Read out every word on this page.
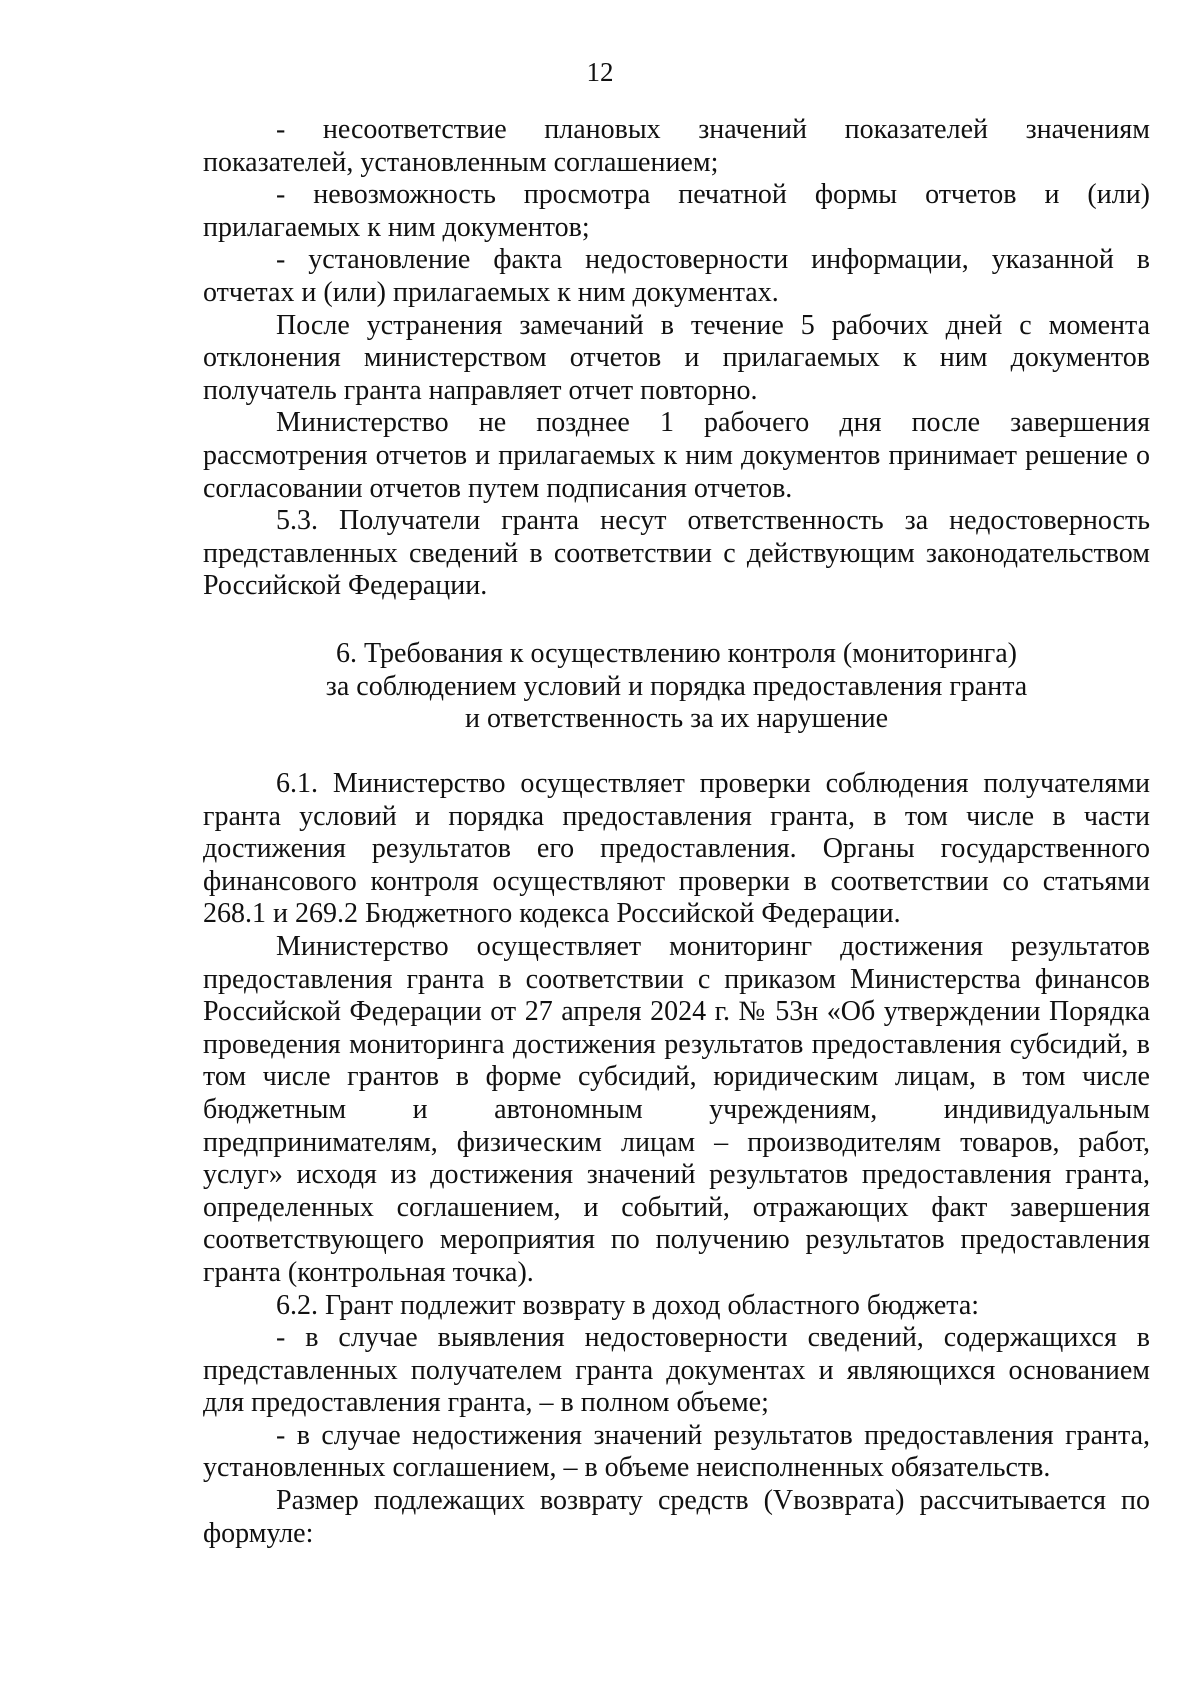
12

- несоответствие плановых значений показателей значениям показателей, установленным соглашением;

- невозможность просмотра печатной формы отчетов и (или) прилагаемых к ним документов;

- установление факта недостоверности информации, указанной в отчетах и (или) прилагаемых к ним документах.

После устранения замечаний в течение 5 рабочих дней с момента отклонения министерством отчетов и прилагаемых к ним документов получатель гранта направляет отчет повторно.

Министерство не позднее 1 рабочего дня после завершения рассмотрения отчетов и прилагаемых к ним документов принимает решение о согласовании отчетов путем подписания отчетов.

5.3. Получатели гранта несут ответственность за недостоверность представленных сведений в соответствии с действующим законодательством Российской Федерации.

6. Требования к осуществлению контроля (мониторинга)
за соблюдением условий и порядка предоставления гранта
и ответственность за их нарушение

6.1. Министерство осуществляет проверки соблюдения получателями гранта условий и порядка предоставления гранта, в том числе в части достижения результатов его предоставления. Органы государственного финансового контроля осуществляют проверки в соответствии со статьями 268.1 и 269.2 Бюджетного кодекса Российской Федерации.

Министерство осуществляет мониторинг достижения результатов предоставления гранта в соответствии с приказом Министерства финансов Российской Федерации от 27 апреля 2024 г. № 53н «Об утверждении Порядка проведения мониторинга достижения результатов предоставления субсидий, в том числе грантов в форме субсидий, юридическим лицам, в том числе бюджетным и автономным учреждениям, индивидуальным предпринимателям, физическим лицам – производителям товаров, работ, услуг» исходя из достижения значений результатов предоставления гранта, определенных соглашением, и событий, отражающих факт завершения соответствующего мероприятия по получению результатов предоставления гранта (контрольная точка).

6.2. Грант подлежит возврату в доход областного бюджета:

- в случае выявления недостоверности сведений, содержащихся в представленных получателем гранта документах и являющихся основанием для предоставления гранта, – в полном объеме;

- в случае недостижения значений результатов предоставления гранта, установленных соглашением, – в объеме неисполненных обязательств.

Размер подлежащих возврату средств (Vвозврата) рассчитывается по формуле:
